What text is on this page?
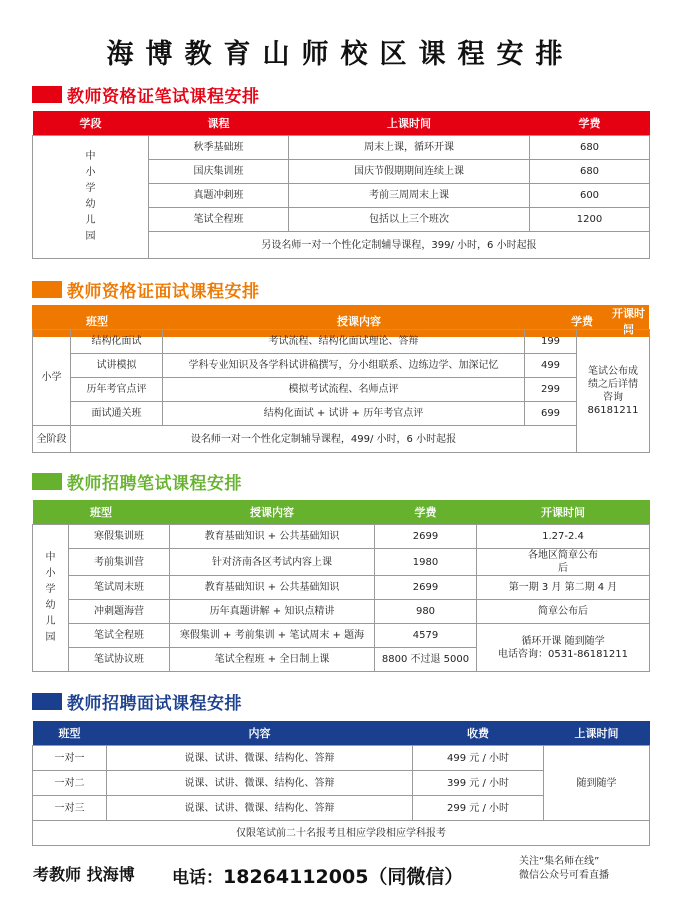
海博教育山师校区课程安排
教师资格证笔试课程安排
学段	课程	上课时间	学费

中小学幼儿园	秋季基础班	周末上课，循环开课	680
	国庆集训班	国庆节假期期间连续上课	680
	真题冲刺班	考前三周周末上课	600
	笔试全程班	包括以上三个班次	1200
	另设名师一对一个性化定制辅导课程，399/ 小时，6 小时起报		
教师资格证面试课程安排
班型	授课内容	学费	开课时间
小学	结构化面试	考试流程、结构化面试理论、答辩	199	笔试公布成绩之后详情咨询86181211

	试讲模拟	学科专业知识及各学科试讲稿撰写，分小组联系、边练边学、加深记忆	499	
	历年考官点评	模拟考试流程、名师点评	299	
	面试通关班	结构化面试 + 试讲 + 历年考官点评	699	
全阶段	设名师一对一个性化定制辅导课程，499/ 小时，6 小时起报			
教师招聘笔试课程安排
班型		授课内容	学费	开课时间

中小学幼儿园	寒假集训班	教育基础知识 + 公共基础知识	2699	1.27-2.4
	考前集训营	针对济南各区考试内容上课	1980	各地区简章公布后

	笔试周末班	教育基础知识 + 公共基础知识	2699	第一期 3 月 第二期 4 月
	冲刺题海营	历年真题讲解 + 知识点精讲	980	简章公布后
	笔试全程班	寒假集训 + 考前集训 + 笔试周末 + 题海	4579	循环开课 随到随学
电话咨询：0531-86181211

	笔试协议班	笔试全程班 + 全日制上课	8800 不过退 5000	
教师招聘面试课程安排
班型	内容	收费	上课时间
一对一	说课、试讲、微课、结构化、答辩	499 元 / 小时	随到随学
一对二	说课、试讲、微课、结构化、答辩	399 元 / 小时	
一对三	说课、试讲、微课、结构化、答辩	299 元 / 小时	
仅限笔试前二十名报考且相应学段相应学科报考			
考教师 找海博 电话：18264112005（同微信）
关注“集名师在线”
微信公众号可看直播
